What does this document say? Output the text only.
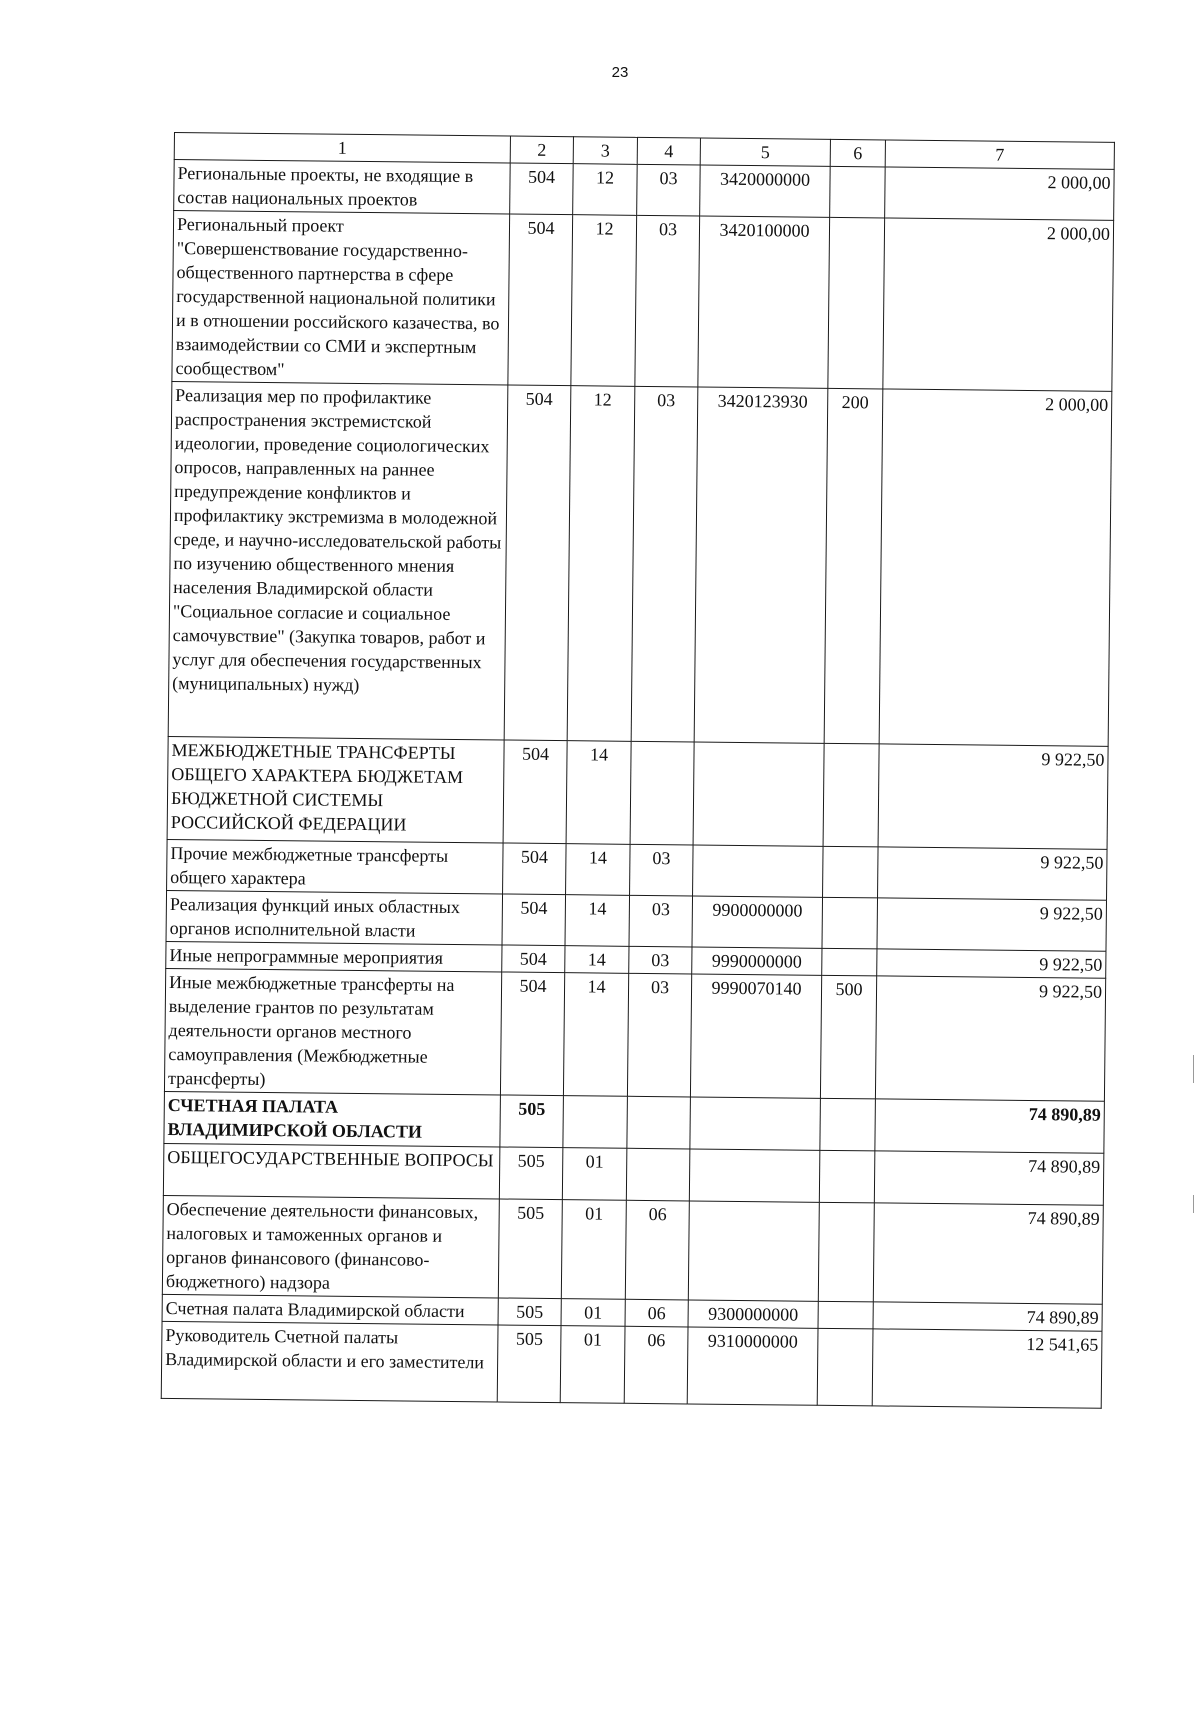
23
1	2	3	4	5	6	7
Региональные проекты, не входящие в состав национальных проектов	504	12	03	3420000000		2 000,00
Региональный проект "Совершенствование государственно-общественного партнерства в сфере государственной национальной политики и в отношении российского казачества, во взаимодействии со СМИ и экспертным сообществом"	504	12	03	3420100000		2 000,00
Реализация мер по профилактике распространения экстремистской идеологии, проведение социологических опросов, направленных на раннее предупреждение конфликтов и профилактику экстремизма в молодежной среде, и научно-исследовательской работы по изучению общественного мнения населения Владимирской области "Социальное согласие и социальное самочувствие" (Закупка товаров, работ и услуг для обеспечения государственных (муниципальных) нужд)	504	12	03	3420123930	200	2 000,00
МЕЖБЮДЖЕТНЫЕ ТРАНСФЕРТЫ ОБЩЕГО ХАРАКТЕРА БЮДЖЕТАМ БЮДЖЕТНОЙ СИСТЕМЫ РОССИЙСКОЙ ФЕДЕРАЦИИ	504	14				9 922,50
Прочие межбюджетные трансферты общего характера	504	14	03			9 922,50
Реализация функций иных областных органов исполнительной власти	504	14	03	9900000000		9 922,50
Иные непрограммные мероприятия	504	14	03	9990000000		9 922,50
Иные межбюджетные трансферты на выделение грантов по результатам деятельности органов местного самоуправления (Межбюджетные трансферты)	504	14	03	9990070140	500	9 922,50
СЧЕТНАЯ ПАЛАТА ВЛАДИМИРСКОЙ ОБЛАСТИ	505					74 890,89
ОБЩЕГОСУДАРСТВЕННЫЕ ВОПРОСЫ	505	01				74 890,89
Обеспечение деятельности финансовых, налоговых и таможенных органов и органов финансового (финансово-бюджетного) надзора	505	01	06			74 890,89
Счетная палата Владимирской области	505	01	06	9300000000		74 890,89
Руководитель Счетной палаты Владимирской области и его заместители	505	01	06	9310000000		12 541,65
